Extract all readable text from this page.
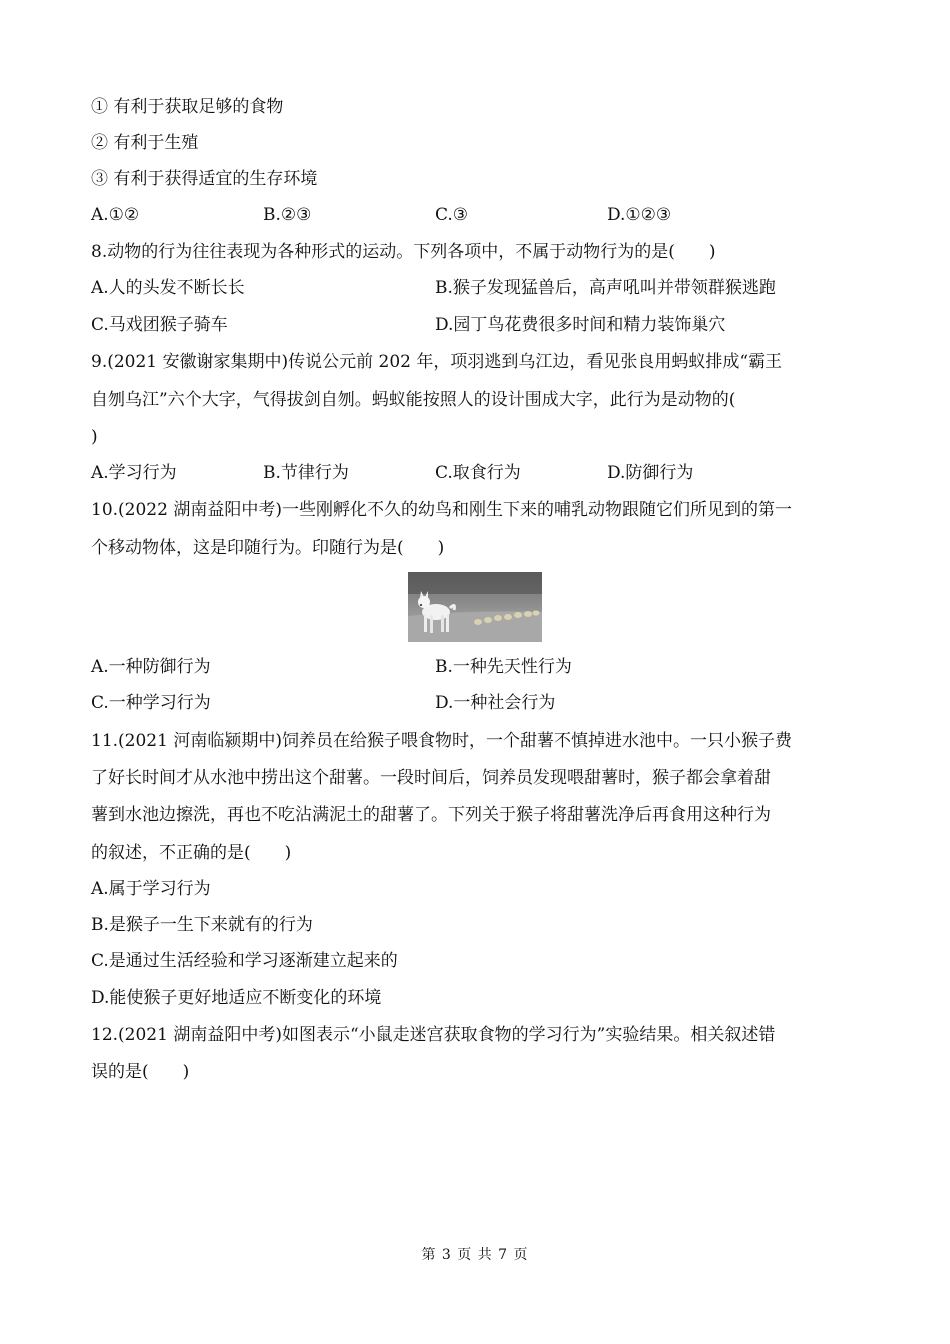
① 有利于获取足够的食物
② 有利于生殖
③ 有利于获得适宜的生存环境
A.①②	B.②③	C.③	D.①②③
8.动物的行为往往表现为各种形式的运动。下列各项中，不属于动物行为的是(　　)
A.人的头发不断长长	B.猴子发现猛兽后，高声吼叫并带领群猴逃跑
C.马戏团猴子骑车	D.园丁鸟花费很多时间和精力装饰巢穴
9.(2021 安徽谢家集期中)传说公元前 202 年，项羽逃到乌江边，看见张良用蚂蚁排成“霸王
自刎乌江”六个大字，气得拔剑自刎。蚂蚁能按照人的设计围成大字，此行为是动物的(
)
A.学习行为	B.节律行为	C.取食行为	D.防御行为
10.(2022 湖南益阳中考)一些刚孵化不久的幼鸟和刚生下来的哺乳动物跟随它们所见到的第一
个移动物体，这是印随行为。印随行为是(　　)
A.一种防御行为	B.一种先天性行为
C.一种学习行为	D.一种社会行为
11.(2021 河南临颍期中)饲养员在给猴子喂食物时，一个甜薯不慎掉进水池中。一只小猴子费
了好长时间才从水池中捞出这个甜薯。一段时间后，饲养员发现喂甜薯时，猴子都会拿着甜
薯到水池边擦洗，再也不吃沾满泥土的甜薯了。下列关于猴子将甜薯洗净后再食用这种行为
的叙述，不正确的是(　　)
A.属于学习行为
B.是猴子一生下来就有的行为
C.是通过生活经验和学习逐渐建立起来的
D.能使猴子更好地适应不断变化的环境
12.(2021 湖南益阳中考)如图表示“小鼠走迷宫获取食物的学习行为”实验结果。相关叙述错
误的是(　　)
第 3 页 共 7 页
